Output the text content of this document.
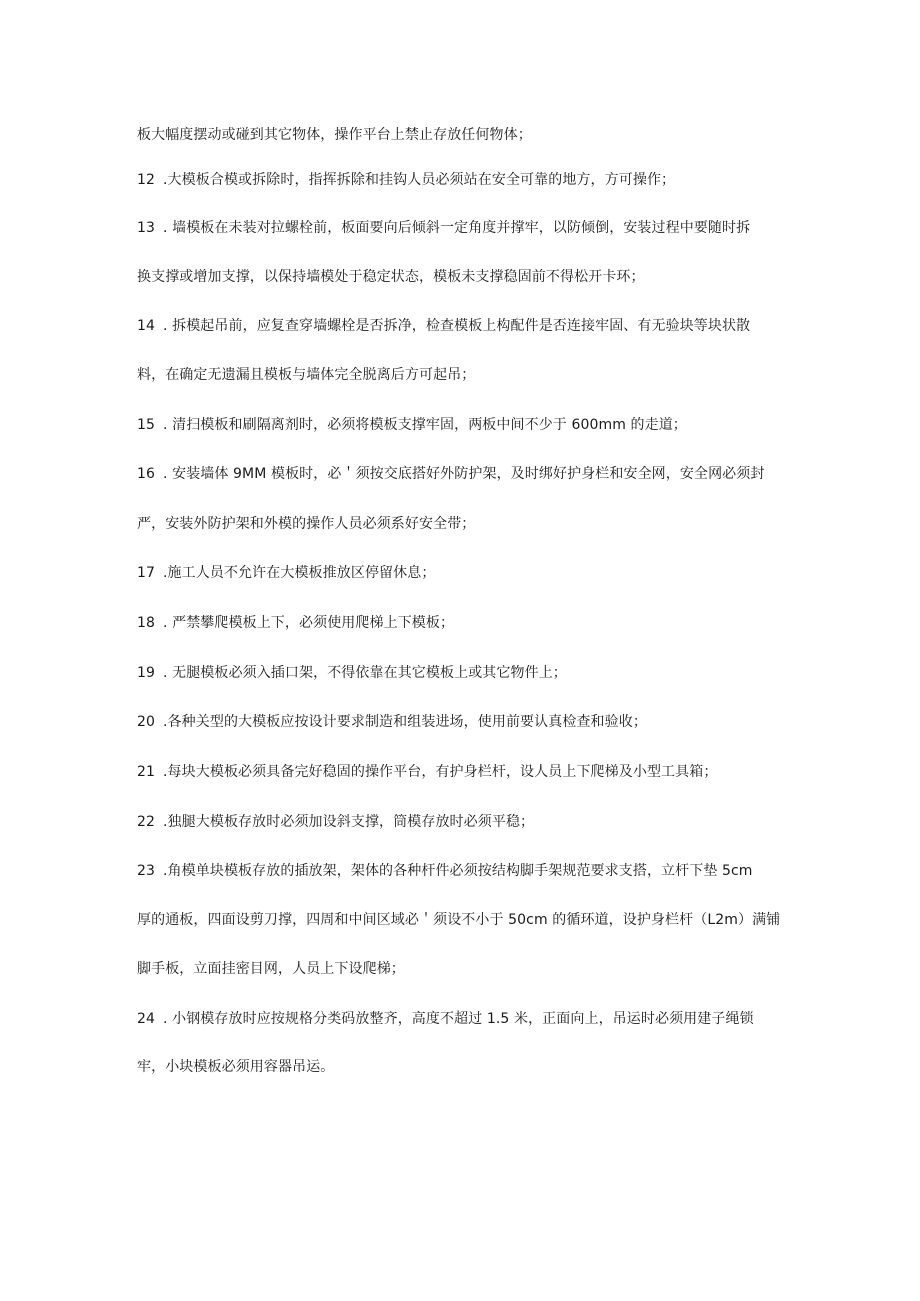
板大幅度摆动或碰到其它物体，操作平台上禁止存放任何物体；
12 .大模板合模或拆除时，指挥拆除和挂钩人员必须站在安全可靠的地方，方可操作；
13 . 墙模板在未装对拉螺栓前，板面要向后倾斜一定角度并撑牢，以防倾倒，安装过程中要随时拆
换支撑或增加支撑，以保持墙模处于稳定状态，模板未支撑稳固前不得松开卡环；
14 . 拆模起吊前，应复查穿墙螺栓是否拆净，检查模板上构配件是否连接牢固、有无验块等块状散
料，在确定无遗漏且模板与墙体完全脱离后方可起吊；
15 . 清扫模板和刷隔离剂时，必须将模板支撑牢固，两板中间不少于 600mm 的走道；
16 . 安装墙体 9MM 模板时，必＇须按交底搭好外防护架，及时绑好护身栏和安全网，安全网必须封
严，安装外防护架和外模的操作人员必须系好安全带；
17 .施工人员不允许在大模板推放区停留休息；
18 . 严禁攀爬模板上下，必须使用爬梯上下模板；
19 . 无腿模板必须入插口架，不得依靠在其它模板上或其它物件上；
20 .各种关型的大模板应按设计要求制造和组装进场，使用前要认真检查和验收；
21 .每块大模板必须具备完好稳固的操作平台，有护身栏杆，设人员上下爬梯及小型工具箱；
22 .独腿大模板存放时必须加设斜支撑，筒模存放时必须平稳；
23 .角模单块模板存放的插放架，架体的各种杆件必须按结构脚手架规范要求支搭，立杆下垫 5cm
厚的通板，四面设剪刀撑，四周和中间区域必＇须设不小于 50cm 的循环道，设护身栏杆（L2m）满铺
脚手板，立面挂密目网，人员上下设爬梯；
24 . 小钢模存放时应按规格分类码放整齐，高度不超过 1.5 米，正面向上，吊运时必须用建子绳锁
牢，小块模板必须用容器吊运。
